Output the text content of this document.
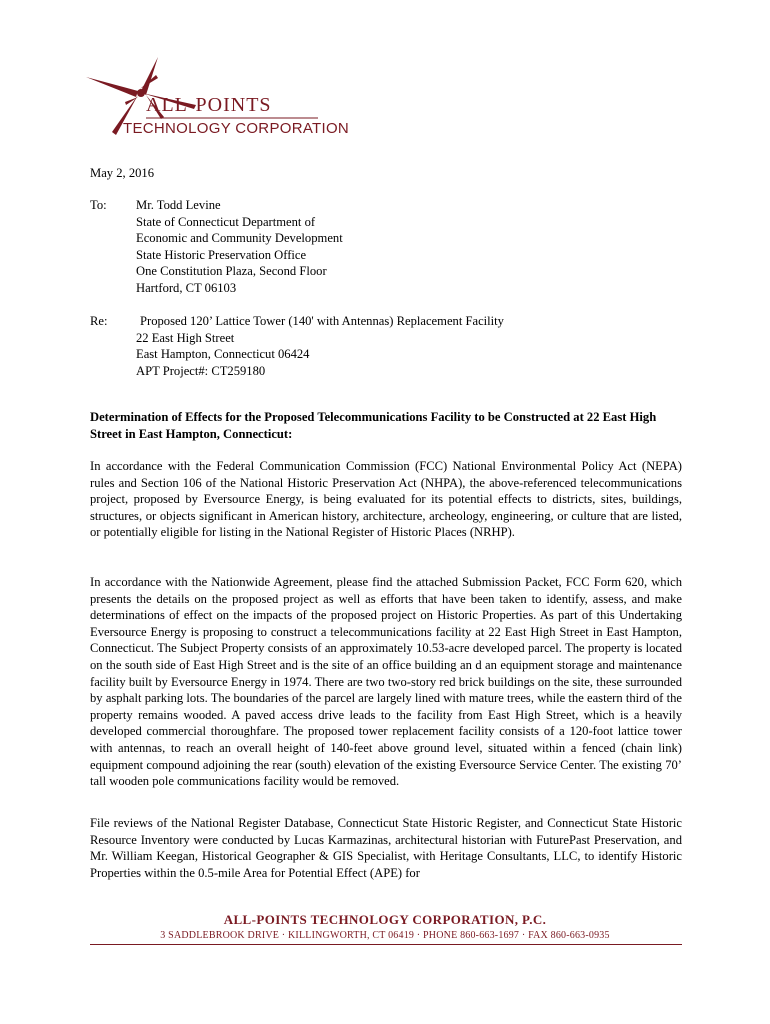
ALL-POINTS
TECHNOLOGY CORPORATION
May 2, 2016
To: Mr. Todd Levine
State of Connecticut Department of
Economic and Community Development
State Historic Preservation Office
One Constitution Plaza, Second Floor
Hartford, CT 06103
Re:	Proposed 120’ Lattice Tower (140' with Antennas) Replacement Facility
22 East High Street
East Hampton, Connecticut 06424
APT Project#: CT259180
Determination of Effects for the Proposed Telecommunications Facility to be Constructed at 22 East High Street in East Hampton, Connecticut:
In accordance with the Federal Communication Commission (FCC) National Environmental Policy Act (NEPA) rules and Section 106 of the National Historic Preservation Act (NHPA), the above-referenced telecommunications project, proposed by Eversource Energy, is being evaluated for its potential effects to districts, sites, buildings, structures, or objects significant in American history, architecture, archeology, engineering, or culture that are listed, or potentially eligible for listing in the National Register of Historic Places (NRHP).
In accordance with the Nationwide Agreement, please find the attached Submission Packet, FCC Form 620, which presents the details on the proposed project as well as efforts that have been taken to identify, assess, and make determinations of effect on the impacts of the proposed project on Historic Properties. As part of this Undertaking Eversource Energy is proposing to construct a telecommunications facility at 22 East High Street in East Hampton, Connecticut. The Subject Property consists of an approximately 10.53-acre developed parcel. The property is located on the south side of East High Street and is the site of an office building an d an equipment storage and maintenance facility built by Eversource Energy in 1974. There are two two-story red brick buildings on the site, these surrounded by asphalt parking lots. The boundaries of the parcel are largely lined with mature trees, while the eastern third of the property remains wooded. A paved access drive leads to the facility from East High Street, which is a heavily developed commercial thoroughfare. The proposed tower replacement facility consists of a 120-foot lattice tower with antennas, to reach an overall height of 140-feet above ground level, situated within a fenced (chain link) equipment compound adjoining the rear (south) elevation of the existing Eversource Service Center. The existing 70’ tall wooden pole communications facility would be removed.
File reviews of the National Register Database, Connecticut State Historic Register, and Connecticut State Historic Resource Inventory were conducted by Lucas Karmazinas, architectural historian with FuturePast Preservation, and Mr. William Keegan, Historical Geographer & GIS Specialist, with Heritage Consultants, LLC, to identify Historic Properties within the 0.5-mile Area for Potential Effect (APE) for
ALL-POINTS TECHNOLOGY CORPORATION, P.C.
3 SADDLEBROOK DRIVE · KILLINGWORTH, CT 06419 · PHONE 860-663-1697 · FAX 860-663-0935
